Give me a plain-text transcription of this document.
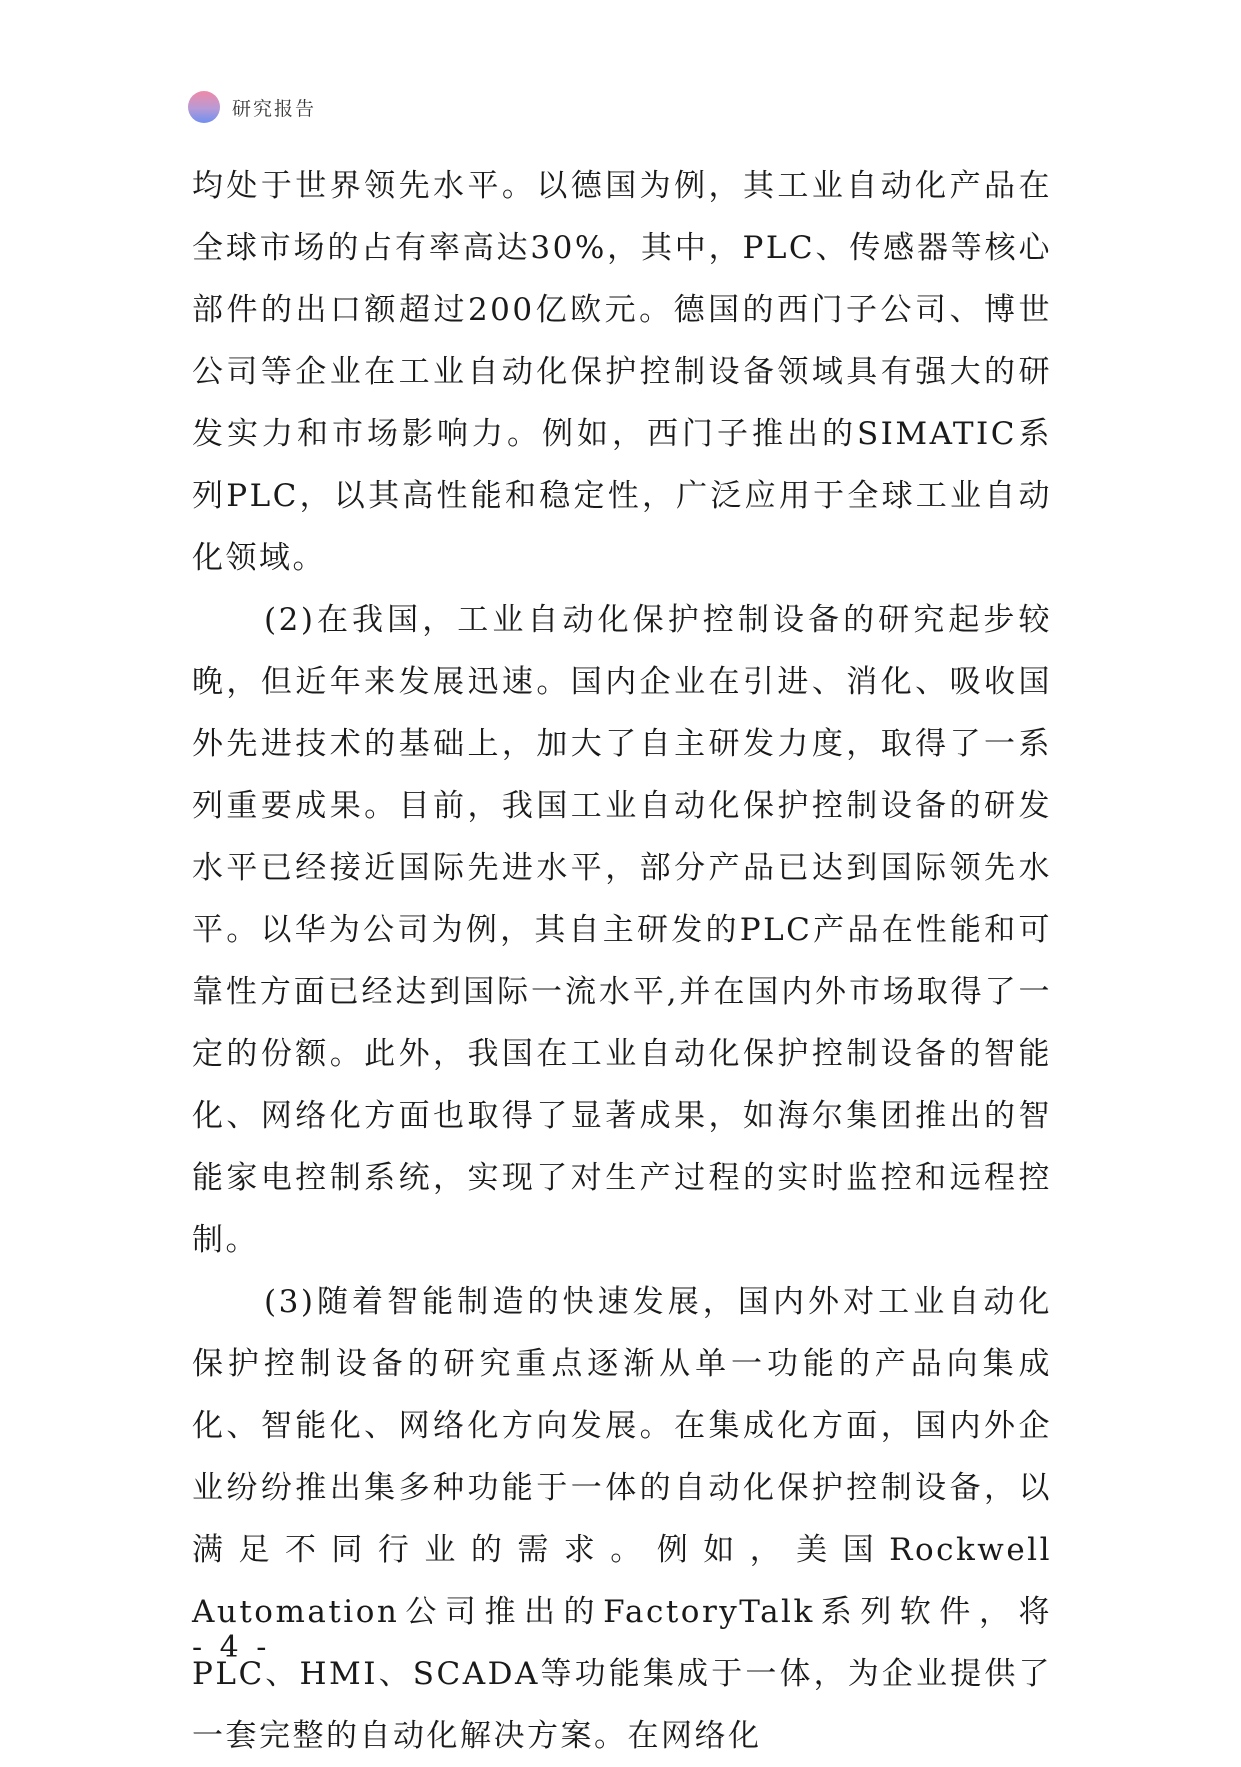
研究报告

均处于世界领先水平。以德国为例，其工业自动化产品在全球市场的占有率高达30%，其中，PLC、传感器等核心部件的出口额超过200亿欧元。德国的西门子公司、博世公司等企业在工业自动化保护控制设备领域具有强大的研发实力和市场影响力。例如，西门子推出的SIMATIC系列PLC，以其高性能和稳定性，广泛应用于全球工业自动化领域。

(2)在我国，工业自动化保护控制设备的研究起步较晚，但近年来发展迅速。国内企业在引进、消化、吸收国外先进技术的基础上，加大了自主研发力度，取得了一系列重要成果。目前，我国工业自动化保护控制设备的研发水平已经接近国际先进水平，部分产品已达到国际领先水平。以华为公司为例，其自主研发的PLC产品在性能和可靠性方面已经达到国际一流水平,并在国内外市场取得了一定的份额。此外，我国在工业自动化保护控制设备的智能化、网络化方面也取得了显著成果，如海尔集团推出的智能家电控制系统，实现了对生产过程的实时监控和远程控制。

(3)随着智能制造的快速发展，国内外对工业自动化保护控制设备的研究重点逐渐从单一功能的产品向集成化、智能化、网络化方向发展。在集成化方面，国内外企业纷纷推出集多种功能于一体的自动化保护控制设备，以满足不同行业的需求。例如，美国Rockwell Automation公司推出的FactoryTalk系列软件，将PLC、HMI、SCADA等功能集成于一体，为企业提供了一套完整的自动化解决方案。在网络化

- 4 -
